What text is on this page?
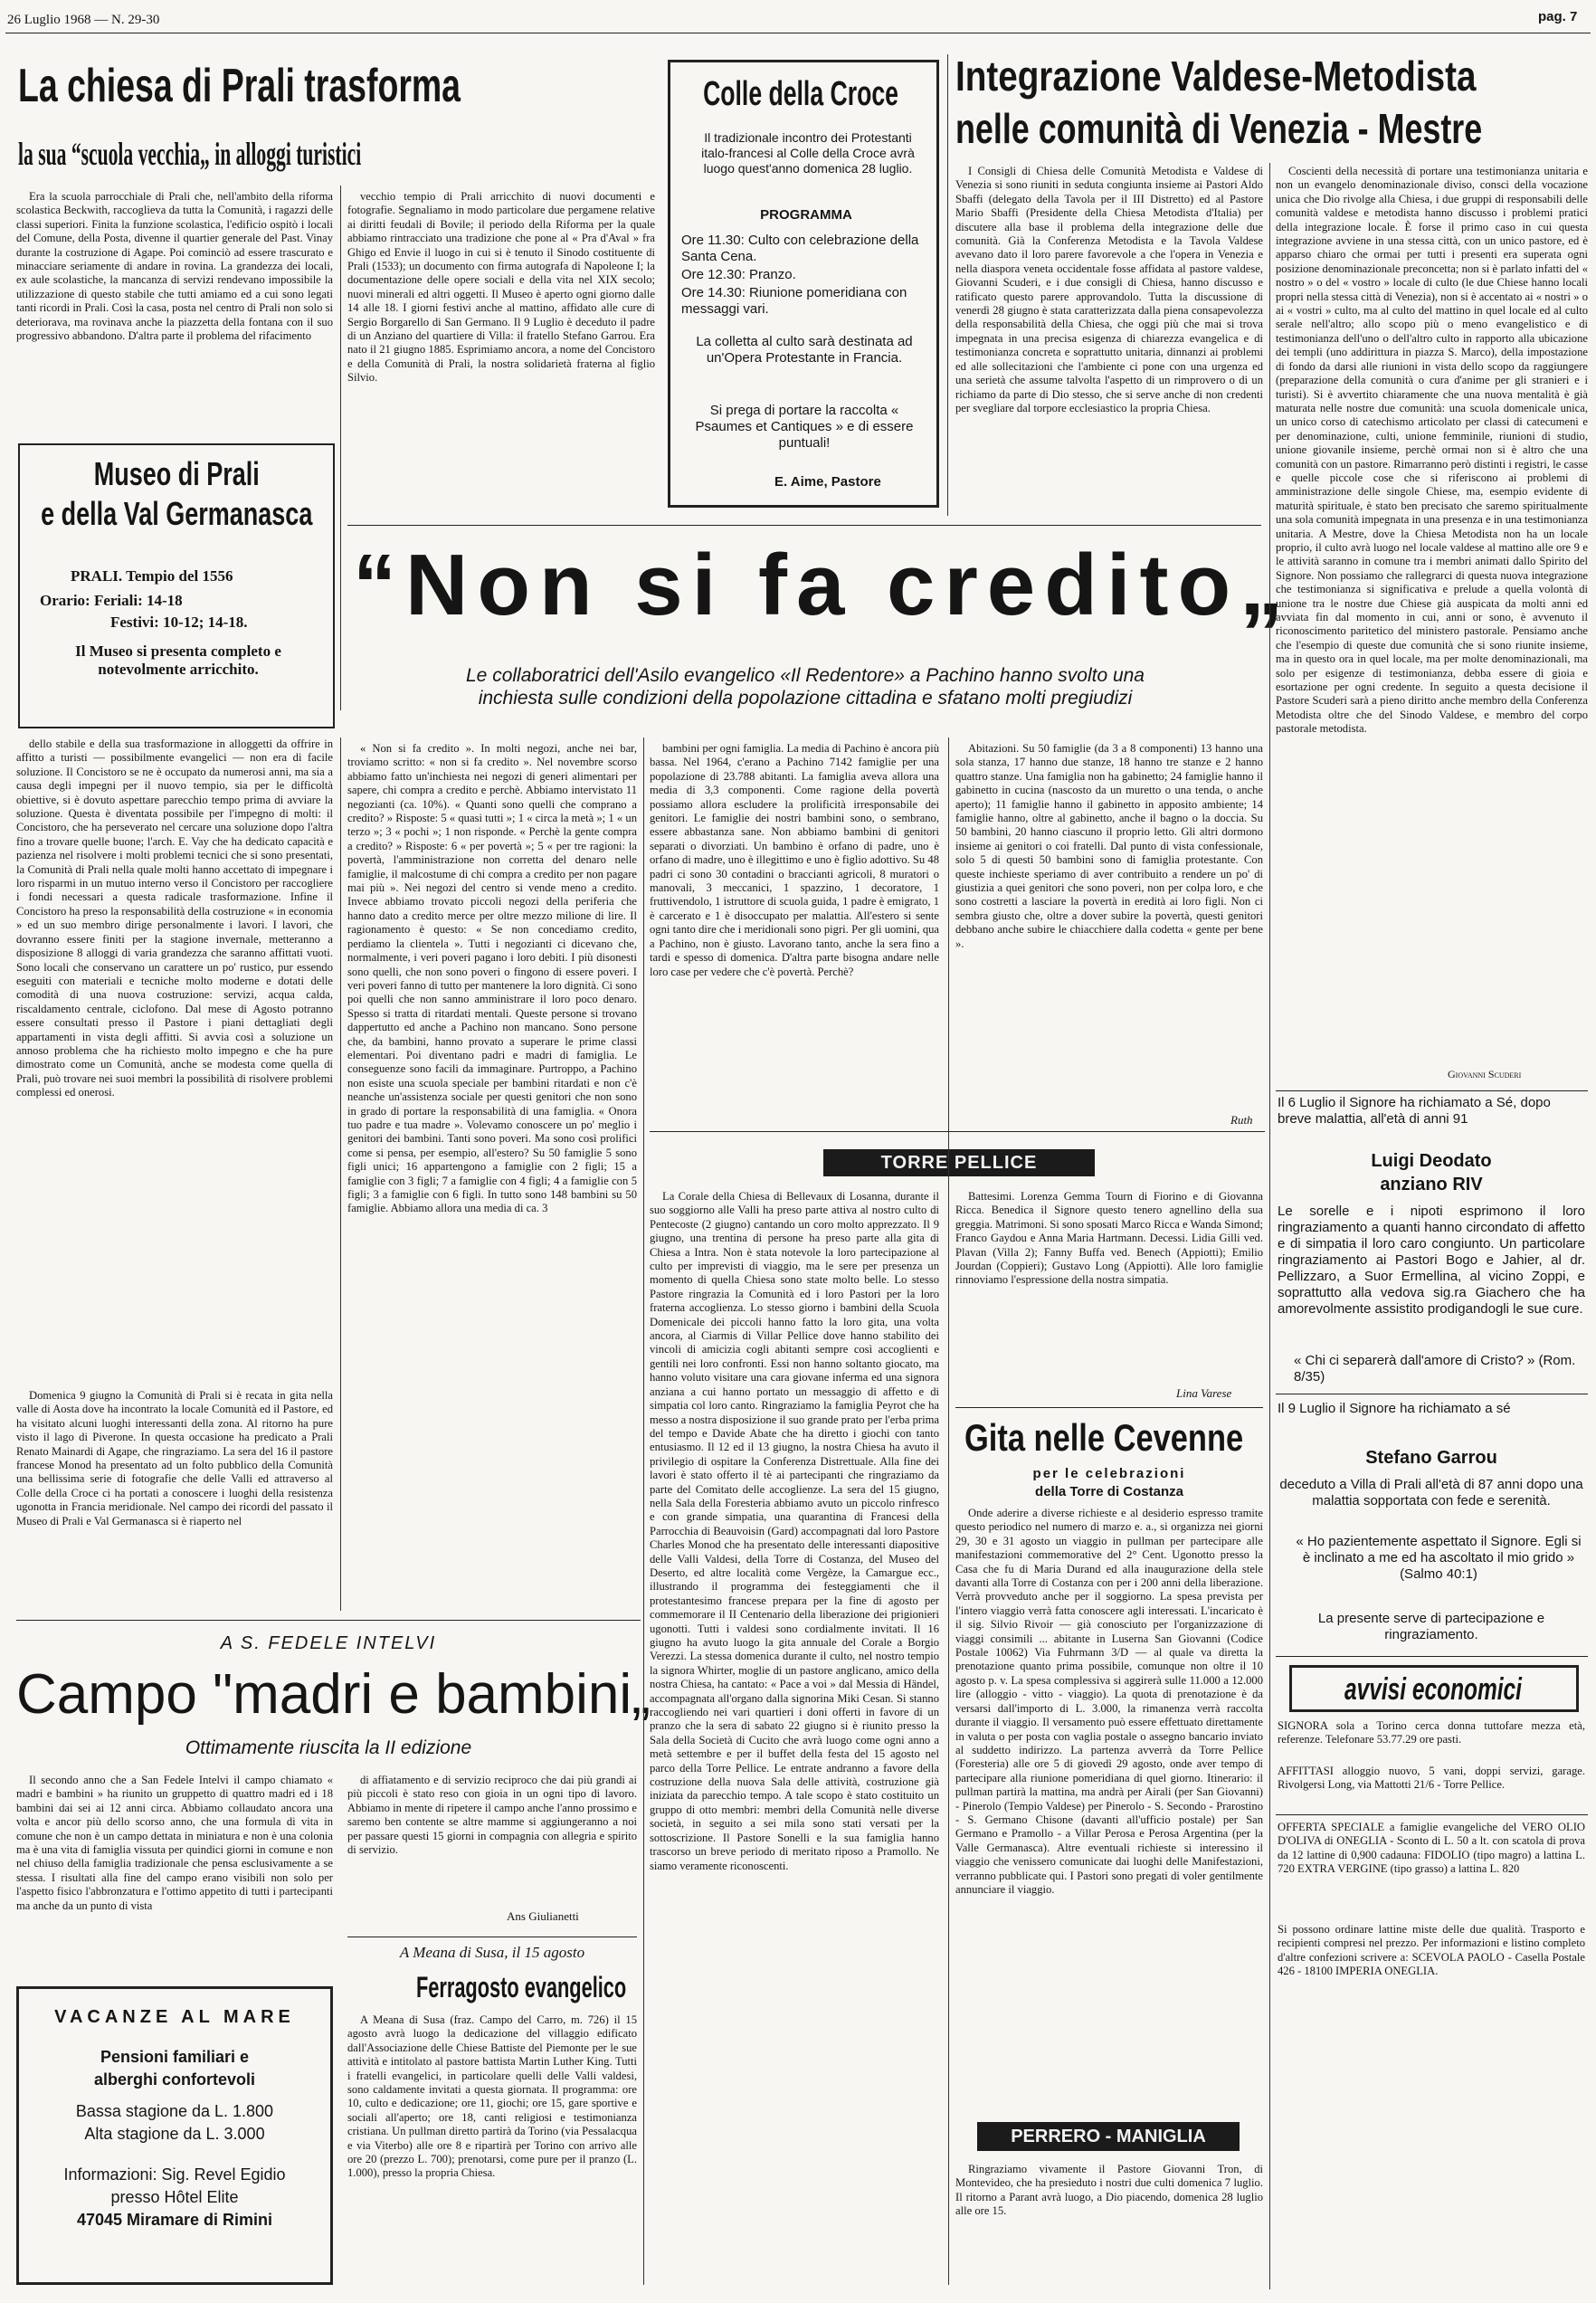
26 Luglio 1968 — N. 29-30	pag. 7
La chiesa di Prali trasforma
la sua “scuola vecchia„ in alloggi turistici

Era la scuola parrocchiale di Prali che, nell'ambito della riforma scolastica Beckwith, raccoglieva da tutta la Comunità, i ragazzi delle classi superiori. Finita la funzione scolastica, l'edificio ospitò i locali del Comune, della Posta, divenne il quartier generale del Past. Vinay durante la costruzione di Agape. Poi cominciò ad essere trascurato e minacciare seriamente di andare in rovina. La grandezza dei locali, ex aule scolastiche, la mancanza di servizi rendevano impossibile la utilizzazione di questo stabile che tutti amiamo ed a cui sono legati tanti ricordi in Prali. Così la casa, posta nel centro di Prali non solo si deteriorava, ma rovinava anche la piazzetta della fontana con il suo progressivo abbandono. D'altra parte il problema del rifacimento

vecchio tempio di Prali arricchito di nuovi documenti e fotografie. Segnaliamo in modo particolare due pergamene relative ai diritti feudali di Bovile; il periodo della Riforma per la quale abbiamo rintracciato una tradizione che pone al « Pra d'Aval » fra Ghigo ed Envie il luogo in cui si è tenuto il Sinodo costituente di Prali (1533); un documento con firma autografa di Napoleone I; la documentazione delle opere sociali e della vita nel XIX secolo; nuovi minerali ed altri oggetti. Il Museo è aperto ogni giorno dalle 14 alle 18. I giorni festivi anche al mattino, affidato alle cure di Sergio Borgarello di San Germano. Il 9 Luglio è deceduto il padre di un Anziano del quartiere di Villa: il fratello Stefano Garrou. Era nato il 21 giugno 1885. Esprimiamo ancora, a nome del Concistoro e della Comunità di Prali, la nostra solidarietà fraterna al figlio Silvio.

Museo di Prali
e della Val Germanasca
PRALI. Tempio del 1556
Orario: Feriali: 14-18
Festivi: 10-12; 14-18.
Il Museo si presenta completo e notevolmente arricchito.

dello stabile e della sua trasformazione in alloggetti da offrire in affitto a turisti — possibilmente evangelici — non era di facile soluzione. Il Concistoro se ne è occupato da numerosi anni, ma sia a causa degli impegni per il nuovo tempio, sia per le difficoltà obiettive, si è dovuto aspettare parecchio tempo prima di avviare la soluzione. Questa è diventata possibile per l'impegno di molti: il Concistoro, che ha perseverato nel cercare una soluzione dopo l'altra fino a trovare quelle buone; l'arch. E. Vay che ha dedicato capacità e pazienza nel risolvere i molti problemi tecnici che si sono presentati, la Comunità di Prali nella quale molti hanno accettato di impegnare i loro risparmi in un mutuo interno verso il Concistoro per raccogliere i fondi necessari a questa radicale trasformazione. Infine il Concistoro ha preso la responsabilità della costruzione « in economia » ed un suo membro dirige personalmente i lavori. I lavori, che dovranno essere finiti per la stagione invernale, metteranno a disposizione 8 alloggi di varia grandezza che saranno affittati vuoti. Sono locali che conservano un carattere un po' rustico, pur essendo eseguiti con materiali e tecniche molto moderne e dotati delle comodità di una nuova costruzione: servizi, acqua calda, riscaldamento centrale, ciclofono. Dal mese di Agosto potranno essere consultati presso il Pastore i piani dettagliati degli appartamenti in vista degli affitti. Si avvia così a soluzione un annoso problema che ha richiesto molto impegno e che ha pure dimostrato come un Comunità, anche se modesta come quella di Prali, può trovare nei suoi membri la possibilità di risolvere problemi complessi ed onerosi.

Domenica 9 giugno la Comunità di Prali si è recata in gita nella valle di Aosta dove ha incontrato la locale Comunità ed il Pastore, ed ha visitato alcuni luoghi interessanti della zona. Al ritorno ha pure visto il lago di Piverone. In questa occasione ha predicato a Prali Renato Mainardi di Agape, che ringraziamo. La sera del 16 il pastore francese Monod ha presentato ad un folto pubblico della Comunità una bellissima serie di fotografie che delle Valli ed attraverso al Colle della Croce ci ha portati a conoscere i luoghi della resistenza ugonotta in Francia meridionale. Nel campo dei ricordi del passato il Museo di Prali e Val Germanasca si è riaperto nel

Colle della Croce
Il tradizionale incontro dei Protestanti italo-francesi al Colle della Croce avrà luogo quest'anno domenica 28 luglio.
PROGRAMMA
Ore 11.30: Culto con celebrazione della Santa Cena.
Ore 12.30: Pranzo.
Ore 14.30: Riunione pomeridiana con messaggi vari.
La colletta al culto sarà destinata ad un'Opera Protestante in Francia.
Si prega di portare la raccolta « Psaumes et Cantiques » e di essere puntuali!
E. Aime, Pastore
Integrazione Valdese-Metodista
nelle comunità di Venezia - Mestre

I Consigli di Chiesa delle Comunità Metodista e Valdese di Venezia si sono riuniti in seduta congiunta insieme ai Pastori Aldo Sbaffi (delegato della Tavola per il III Distretto) ed al Pastore Mario Sbaffi (Presidente della Chiesa Metodista d'Italia) per discutere alla base il problema della integrazione delle due comunità. Già la Conferenza Metodista e la Tavola Valdese avevano dato il loro parere favorevole a che l'opera in Venezia e nella diaspora veneta occidentale fosse affidata al pastore valdese, Giovanni Scuderi, e i due consigli di Chiesa, hanno discusso e ratificato questo parere approvandolo. Tutta la discussione di venerdì 28 giugno è stata caratterizzata dalla piena consapevolezza della responsabilità della Chiesa, che oggi più che mai si trova impegnata in una precisa esigenza di chiarezza evangelica e di testimonianza concreta e soprattutto unitaria, dinnanzi ai problemi ed alle sollecitazioni che l'ambiente ci pone con una urgenza ed una serietà che assume talvolta l'aspetto di un rimprovero o di un richiamo da parte di Dio stesso, che si serve anche di non credenti per svegliare dal torpore ecclesiastico la propria Chiesa.

Coscienti della necessità di portare una testimonianza unitaria e non un evangelo denominazionale diviso, consci della vocazione unica che Dio rivolge alla Chiesa, i due gruppi di responsabili delle comunità valdese e metodista hanno discusso i problemi pratici della integrazione locale. È forse il primo caso in cui questa integrazione avviene in una stessa città, con un unico pastore, ed è apparso chiaro che ormai per tutti i presenti era superata ogni posizione denominazionale preconcetta; non si è parlato infatti del « nostro » o del « vostro » locale di culto (le due Chiese hanno locali propri nella stessa città di Venezia), non si è accentato ai « nostri » o ai « vostri » culto, ma al culto del mattino in quel locale ed al culto serale nell'altro; allo scopo più o meno evangelistico e di testimonianza dell'uno o dell'altro culto in rapporto alla ubicazione dei templi (uno addirittura in piazza S. Marco), della impostazione di fondo da darsi alle riunioni in vista dello scopo da raggiungere (preparazione della comunità o cura d'anime per gli stranieri e i turisti). Si è avvertito chiaramente che una nuova mentalità è già maturata nelle nostre due comunità: una scuola domenicale unica, un unico corso di catechismo articolato per classi di catecumeni e per denominazione, culti, unione femminile, riunioni di studio, unione giovanile insieme, perchè ormai non si è altro che una comunità con un pastore. Rimarranno però distinti i registri, le casse e quelle piccole cose che si riferiscono ai problemi di amministrazione delle singole Chiese, ma, esempio evidente di maturità spirituale, è stato ben precisato che saremo spiritualmente una sola comunità impegnata in una presenza e in una testimonianza unitaria. A Mestre, dove la Chiesa Metodista non ha un locale proprio, il culto avrà luogo nel locale valdese al mattino alle ore 9 e le attività saranno in comune tra i membri animati dallo Spirito del Signore. Non possiamo che rallegrarci di questa nuova integrazione che testimonianza si significativa e prelude a quella volontà di unione tra le nostre due Chiese già auspicata da molti anni ed avviata fin dal momento in cui, anni or sono, è avvenuto il riconoscimento paritetico del ministero pastorale. Pensiamo anche che l'esempio di queste due comunità che si sono riunite insieme, ma in questo ora in quel locale, ma per molte denominazionali, ma solo per esigenze di testimonianza, debba essere di gioia e esortazione per ogni credente. In seguito a questa decisione il Pastore Scuderi sarà a pieno diritto anche membro della Conferenza Metodista oltre che del Sinodo Valdese, e membro del corpo pastorale metodista.

Giovanni Scuderi
Il 6 Luglio il Signore ha richiamato a Sé, dopo breve malattia, all'età di anni 91
Luigi Deodato
anziano RIV
Le sorelle e i nipoti esprimono il loro ringraziamento a quanti hanno circondato di affetto e di simpatia il loro caro congiunto. Un particolare ringraziamento ai Pastori Bogo e Jahier, al dr. Pellizzaro, a Suor Ermellina, al vicino Zoppi, e soprattutto alla vedova sig.ra Giachero che ha amorevolmente assistito prodigandogli le sue cure.
« Chi ci separerà dall'amore di Cristo? » (Rom. 8/35)
Il 9 Luglio il Signore ha richiamato a sé
Stefano Garrou
deceduto a Villa di Prali all'età di 87 anni dopo una malattia sopportata con fede e serenità.
« Ho pazientemente aspettato il Signore. Egli si è inclinato a me ed ha ascoltato il mio grido » (Salmo 40:1)
La presente serve di partecipazione e ringraziamento.
avvisi economici
SIGNORA sola a Torino cerca donna tuttofare mezza età, referenze. Telefonare 53.77.29 ore pasti.
AFFITTASI alloggio nuovo, 5 vani, doppi servizi, garage. Rivolgersi Long, via Mattotti 21/6 - Torre Pellice.
OFFERTA SPECIALE a famiglie evangeliche del VERO OLIO D'OLIVA di ONEGLIA - Sconto di L. 50 a lt. con scatola di prova da 12 lattine di 0,900 cadauna: FIDOLIO (tipo magro) a lattina L. 720 EXTRA VERGINE (tipo grasso) a lattina L. 820
Si possono ordinare lattine miste delle due qualità. Trasporto e recipienti compresi nel prezzo. Per informazioni e listino completo d'altre confezioni scrivere a: SCEVOLA PAOLO - Casella Postale 426 - 18100 IMPERIA ONEGLIA.
“Non si fa credito„
Le collaboratrici dell'Asilo evangelico «Il Redentore» a Pachino hanno svolto una
inchiesta sulle condizioni della popolazione cittadina e sfatano molti pregiudizi

« Non si fa credito ». In molti negozi, anche nei bar, troviamo scritto: « non si fa credito ». Nel novembre scorso abbiamo fatto un'inchiesta nei negozi di generi alimentari per sapere, chi compra a credito e perchè. Abbiamo intervistato 11 negozianti (ca. 10%). « Quanti sono quelli che comprano a credito? » Risposte: 5 « quasi tutti »; 1 « circa la metà »; 1 « un terzo »; 3 « pochi »; 1 non risponde. « Perchè la gente compra a credito? » Risposte: 6 « per povertà »; 5 « per tre ragioni: la povertà, l'amministrazione non corretta del denaro nelle famiglie, il malcostume di chi compra a credito per non pagare mai più ». Nei negozi del centro si vende meno a credito. Invece abbiamo trovato piccoli negozi della periferia che hanno dato a credito merce per oltre mezzo milione di lire. Il ragionamento è questo: « Se non concediamo credito, perdiamo la clientela ». Tutti i negozianti ci dicevano che, normalmente, i veri poveri pagano i loro debiti. I più disonesti sono quelli, che non sono poveri o fingono di essere poveri. I veri poveri fanno di tutto per mantenere la loro dignità. Ci sono poi quelli che non sanno amministrare il loro poco denaro. Spesso si tratta di ritardati mentali. Queste persone si trovano dappertutto ed anche a Pachino non mancano. Sono persone che, da bambini, hanno provato a superare le prime classi elementari. Poi diventano padri e madri di famiglia. Le conseguenze sono facili da immaginare. Purtroppo, a Pachino non esiste una scuola speciale per bambini ritardati e non c'è neanche un'assistenza sociale per questi genitori che non sono in grado di portare la responsabilità di una famiglia. « Onora tuo padre e tua madre ». Volevamo conoscere un po' meglio i genitori dei bambini. Tanti sono poveri. Ma sono così prolifici come si pensa, per esempio, all'estero? Su 50 famiglie 5 sono figli unici; 16 appartengono a famiglie con 2 figli; 15 a famiglie con 3 figli; 7 a famiglie con 4 figli; 4 a famiglie con 5 figli; 3 a famiglie con 6 figli. In tutto sono 148 bambini su 50 famiglie. Abbiamo allora una media di ca. 3

bambini per ogni famiglia. La media di Pachino è ancora più bassa. Nel 1964, c'erano a Pachino 7142 famiglie per una popolazione di 23.788 abitanti. La famiglia aveva allora una media di 3,3 componenti. Come ragione della povertà possiamo allora escludere la prolificità irresponsabile dei genitori. Le famiglie dei nostri bambini sono, o sembrano, essere abbastanza sane. Non abbiamo bambini di genitori separati o divorziati. Un bambino è orfano di padre, uno è orfano di madre, uno è illegittimo e uno è figlio adottivo. Su 48 padri ci sono 30 contadini o braccianti agricoli, 8 muratori o manovali, 3 meccanici, 1 spazzino, 1 decoratore, 1 fruttivendolo, 1 istruttore di scuola guida, 1 padre è emigrato, 1 è carcerato e 1 è disoccupato per malattia. All'estero si sente ogni tanto dire che i meridionali sono pigri. Per gli uomini, qua a Pachino, non è giusto. Lavorano tanto, anche la sera fino a tardi e spesso di domenica. D'altra parte bisogna andare nelle loro case per vedere che c'è povertà. Perchè?

Abitazioni. Su 50 famiglie (da 3 a 8 componenti) 13 hanno una sola stanza, 17 hanno due stanze, 18 hanno tre stanze e 2 hanno quattro stanze. Una famiglia non ha gabinetto; 24 famiglie hanno il gabinetto in cucina (nascosto da un muretto o una tenda, o anche aperto); 11 famiglie hanno il gabinetto in apposito ambiente; 14 famiglie hanno, oltre al gabinetto, anche il bagno o la doccia. Su 50 bambini, 20 hanno ciascuno il proprio letto. Gli altri dormono insieme ai genitori o coi fratelli. Dal punto di vista confessionale, solo 5 di questi 50 bambini sono di famiglia protestante. Con queste inchieste speriamo di aver contribuito a rendere un po' di giustizia a quei genitori che sono poveri, non per colpa loro, e che sono costretti a lasciare la povertà in eredità ai loro figli. Non ci sembra giusto che, oltre a dover subire la povertà, questi genitori debbano anche subire le chiacchiere dalla codetta « gente per bene ».

Ruth
TORRE PELLICE

La Corale della Chiesa di Bellevaux di Losanna, durante il suo soggiorno alle Valli ha preso parte attiva al nostro culto di Pentecoste (2 giugno) cantando un coro molto apprezzato. Il 9 giugno, una trentina di persone ha preso parte alla gita di Chiesa a Intra. Non è stata notevole la loro partecipazione al culto per imprevisti di viaggio, ma le sere per presenza un momento di quella Chiesa sono state molto belle. Lo stesso Pastore ringrazia la Comunità ed i loro Pastori per la loro fraterna accoglienza. Lo stesso giorno i bambini della Scuola Domenicale dei piccoli hanno fatto la loro gita, una volta ancora, al Ciarmis di Villar Pellice dove hanno stabilito dei vincoli di amicizia cogli abitanti sempre così accoglienti e gentili nei loro confronti. Essi non hanno soltanto giocato, ma hanno voluto visitare una cara giovane inferma ed una signora anziana a cui hanno portato un messaggio di affetto e di simpatia col loro canto. Ringraziamo la famiglia Peyrot che ha messo a nostra disposizione il suo grande prato per l'erba prima del tempo e Davide Abate che ha diretto i giochi con tanto entusiasmo. Il 12 ed il 13 giugno, la nostra Chiesa ha avuto il privilegio di ospitare la Conferenza Distrettuale. Alla fine dei lavori è stato offerto il tè ai partecipanti che ringraziamo da parte del Comitato delle accoglienze. La sera del 15 giugno, nella Sala della Foresteria abbiamo avuto un piccolo rinfresco e con grande simpatia, una quarantina di Francesi della Parrocchia di Beauvoisin (Gard) accompagnati dal loro Pastore Charles Monod che ha presentato delle interessanti diapositive delle Valli Valdesi, della Torre di Costanza, del Museo del Deserto, ed altre località come Vergèze, la Camargue ecc., illustrando il programma dei festeggiamenti che il protestantesimo francese prepara per la fine di agosto per commemorare il II Centenario della liberazione dei prigionieri ugonotti. Tutti i valdesi sono cordialmente invitati. Il 16 giugno ha avuto luogo la gita annuale del Corale a Borgio Verezzi. La stessa domenica durante il culto, nel nostro tempio la signora Whirter, moglie di un pastore anglicano, amico della nostra Chiesa, ha cantato: « Pace a voi » dal Messia di Händel, accompagnata all'organo dalla signorina Miki Cesan. Si stanno raccogliendo nei vari quartieri i doni offerti in favore di un pranzo che la sera di sabato 22 giugno si è riunito presso la Sala della Società di Cucito che avrà luogo come ogni anno a metà settembre e per il buffet della festa del 15 agosto nel parco della Torre Pellice. Le entrate andranno a favore della costruzione della nuova Sala delle attività, costruzione già iniziata da parecchio tempo. A tale scopo è stato costituito un gruppo di otto membri: membri della Comunità nelle diverse società, in seguito a sei mila sono stati versati per la sottoscrizione. Il Pastore Sonelli e la sua famiglia hanno trascorso un breve periodo di meritato riposo a Pramollo. Ne siamo veramente riconoscenti.

Battesimi. Lorenza Gemma Tourn di Fiorino e di Giovanna Ricca. Benedica il Signore questo tenero agnellino della sua greggia. Matrimoni. Si sono sposati Marco Ricca e Wanda Simond; Franco Gaydou e Anna Maria Hartmann. Decessi. Lidia Gilli ved. Plavan (Villa 2); Fanny Buffa ved. Benech (Appiotti); Emilio Jourdan (Coppieri); Gustavo Long (Appiotti). Alle loro famiglie rinnoviamo l'espressione della nostra simpatia.

Lina Varese
Gita nelle Cevenne
per le celebrazioni
della Torre di Costanza

Onde aderire a diverse richieste e al desiderio espresso tramite questo periodico nel numero di marzo e. a., si organizza nei giorni 29, 30 e 31 agosto un viaggio in pullman per partecipare alle manifestazioni commemorative del 2° Cent. Ugonotto presso la Casa che fu di Maria Durand ed alla inaugurazione della stele davanti alla Torre di Costanza con per i 200 anni della liberazione. Verrà provveduto anche per il soggiorno. La spesa prevista per l'intero viaggio verrà fatta conoscere agli interessati. L'incaricato è il sig. Silvio Rivoir — già conosciuto per l'organizzazione di viaggi consimili ... abitante in Luserna San Giovanni (Codice Postale 10062) Via Fuhrmann 3/D — al quale va diretta la prenotazione quanto prima possibile, comunque non oltre il 10 agosto p. v. La spesa complessiva si aggirerà sulle 11.000 a 12.000 lire (alloggio - vitto - viaggio). La quota di prenotazione è da versarsi dall'importo di L. 3.000, la rimanenza verrà raccolta durante il viaggio. Il versamento può essere effettuato direttamente in valuta o per posta con vaglia postale o assegno bancario inviato al suddetto indirizzo. La partenza avverrà da Torre Pellice (Foresteria) alle ore 5 di giovedì 29 agosto, onde aver tempo di partecipare alla riunione pomeridiana di quel giorno. Itinerario: il pullman partirà la mattina, ma andrà per Airali (per San Giovanni) - Pinerolo (Tempio Valdese) per Pinerolo - S. Secondo - Prarostino - S. Germano Chisone (davanti all'ufficio postale) per San Germano e Pramollo - a Villar Perosa e Perosa Argentina (per la Valle Germanasca). Altre eventuali richieste si interessino il viaggio che venissero comunicate dai luoghi delle Manifestazioni, verranno pubblicate qui. I Pastori sono pregati di voler gentilmente annunciare il viaggio.

PERRERO - MANIGLIA

Ringraziamo vivamente il Pastore Giovanni Tron, di Montevideo, che ha presieduto i nostri due culti domenica 7 luglio. Il ritorno a Parant avrà luogo, a Dio piacendo, domenica 28 luglio alle ore 15.

A S. FEDELE INTELVI
Campo "madri e bambini„
Ottimamente riuscita la II edizione

Il secondo anno che a San Fedele Intelvi il campo chiamato « madri e bambini » ha riunito un gruppetto di quattro madri ed i 18 bambini dai sei ai 12 anni circa. Abbiamo collaudato ancora una volta e ancor più dello scorso anno, che una formula di vita in comune che non è un campo dettata in miniatura e non è una colonia ma è una vita di famiglia vissuta per quindici giorni in comune e non nel chiuso della famiglia tradizionale che pensa esclusivamente a se stessa. I risultati alla fine del campo erano visibili non solo per l'aspetto fisico l'abbronzatura e l'ottimo appetito di tutti i partecipanti ma anche da un punto di vista

di affiatamento e di servizio reciproco che dai più grandi ai più piccoli è stato reso con gioia in un ogni tipo di lavoro. Abbiamo in mente di ripetere il campo anche l'anno prossimo e saremo ben contente se altre mamme si aggiungeranno a noi per passare questi 15 giorni in compagnia con allegria e spirito di servizio.

Ans Giulianetti
A Meana di Susa, il 15 agosto
Ferragosto evangelico

A Meana di Susa (fraz. Campo del Carro, m. 726) il 15 agosto avrà luogo la dedicazione del villaggio edificato dall'Associazione delle Chiese Battiste del Piemonte per le sue attività e intitolato al pastore battista Martin Luther King. Tutti i fratelli evangelici, in particolare quelli delle Valli valdesi, sono caldamente invitati a questa giornata. Il programma: ore 10, culto e dedicazione; ore 11, giochi; ore 15, gare sportive e sociali all'aperto; ore 18, canti religiosi e testimonianza cristiana. Un pullman diretto partirà da Torino (via Pessalacqua e via Viterbo) alle ore 8 e ripartirà per Torino con arrivo alle ore 20 (prezzo L. 700); prenotarsi, come pure per il pranzo (L. 1.000), presso la propria Chiesa.

VACANZE AL MARE
Pensioni familiari e
alberghi confortevoli
Bassa stagione da L. 1.800
Alta stagione da L. 3.000
Informazioni: Sig. Revel Egidio
presso Hôtel Elite
47045 Miramare di Rimini
